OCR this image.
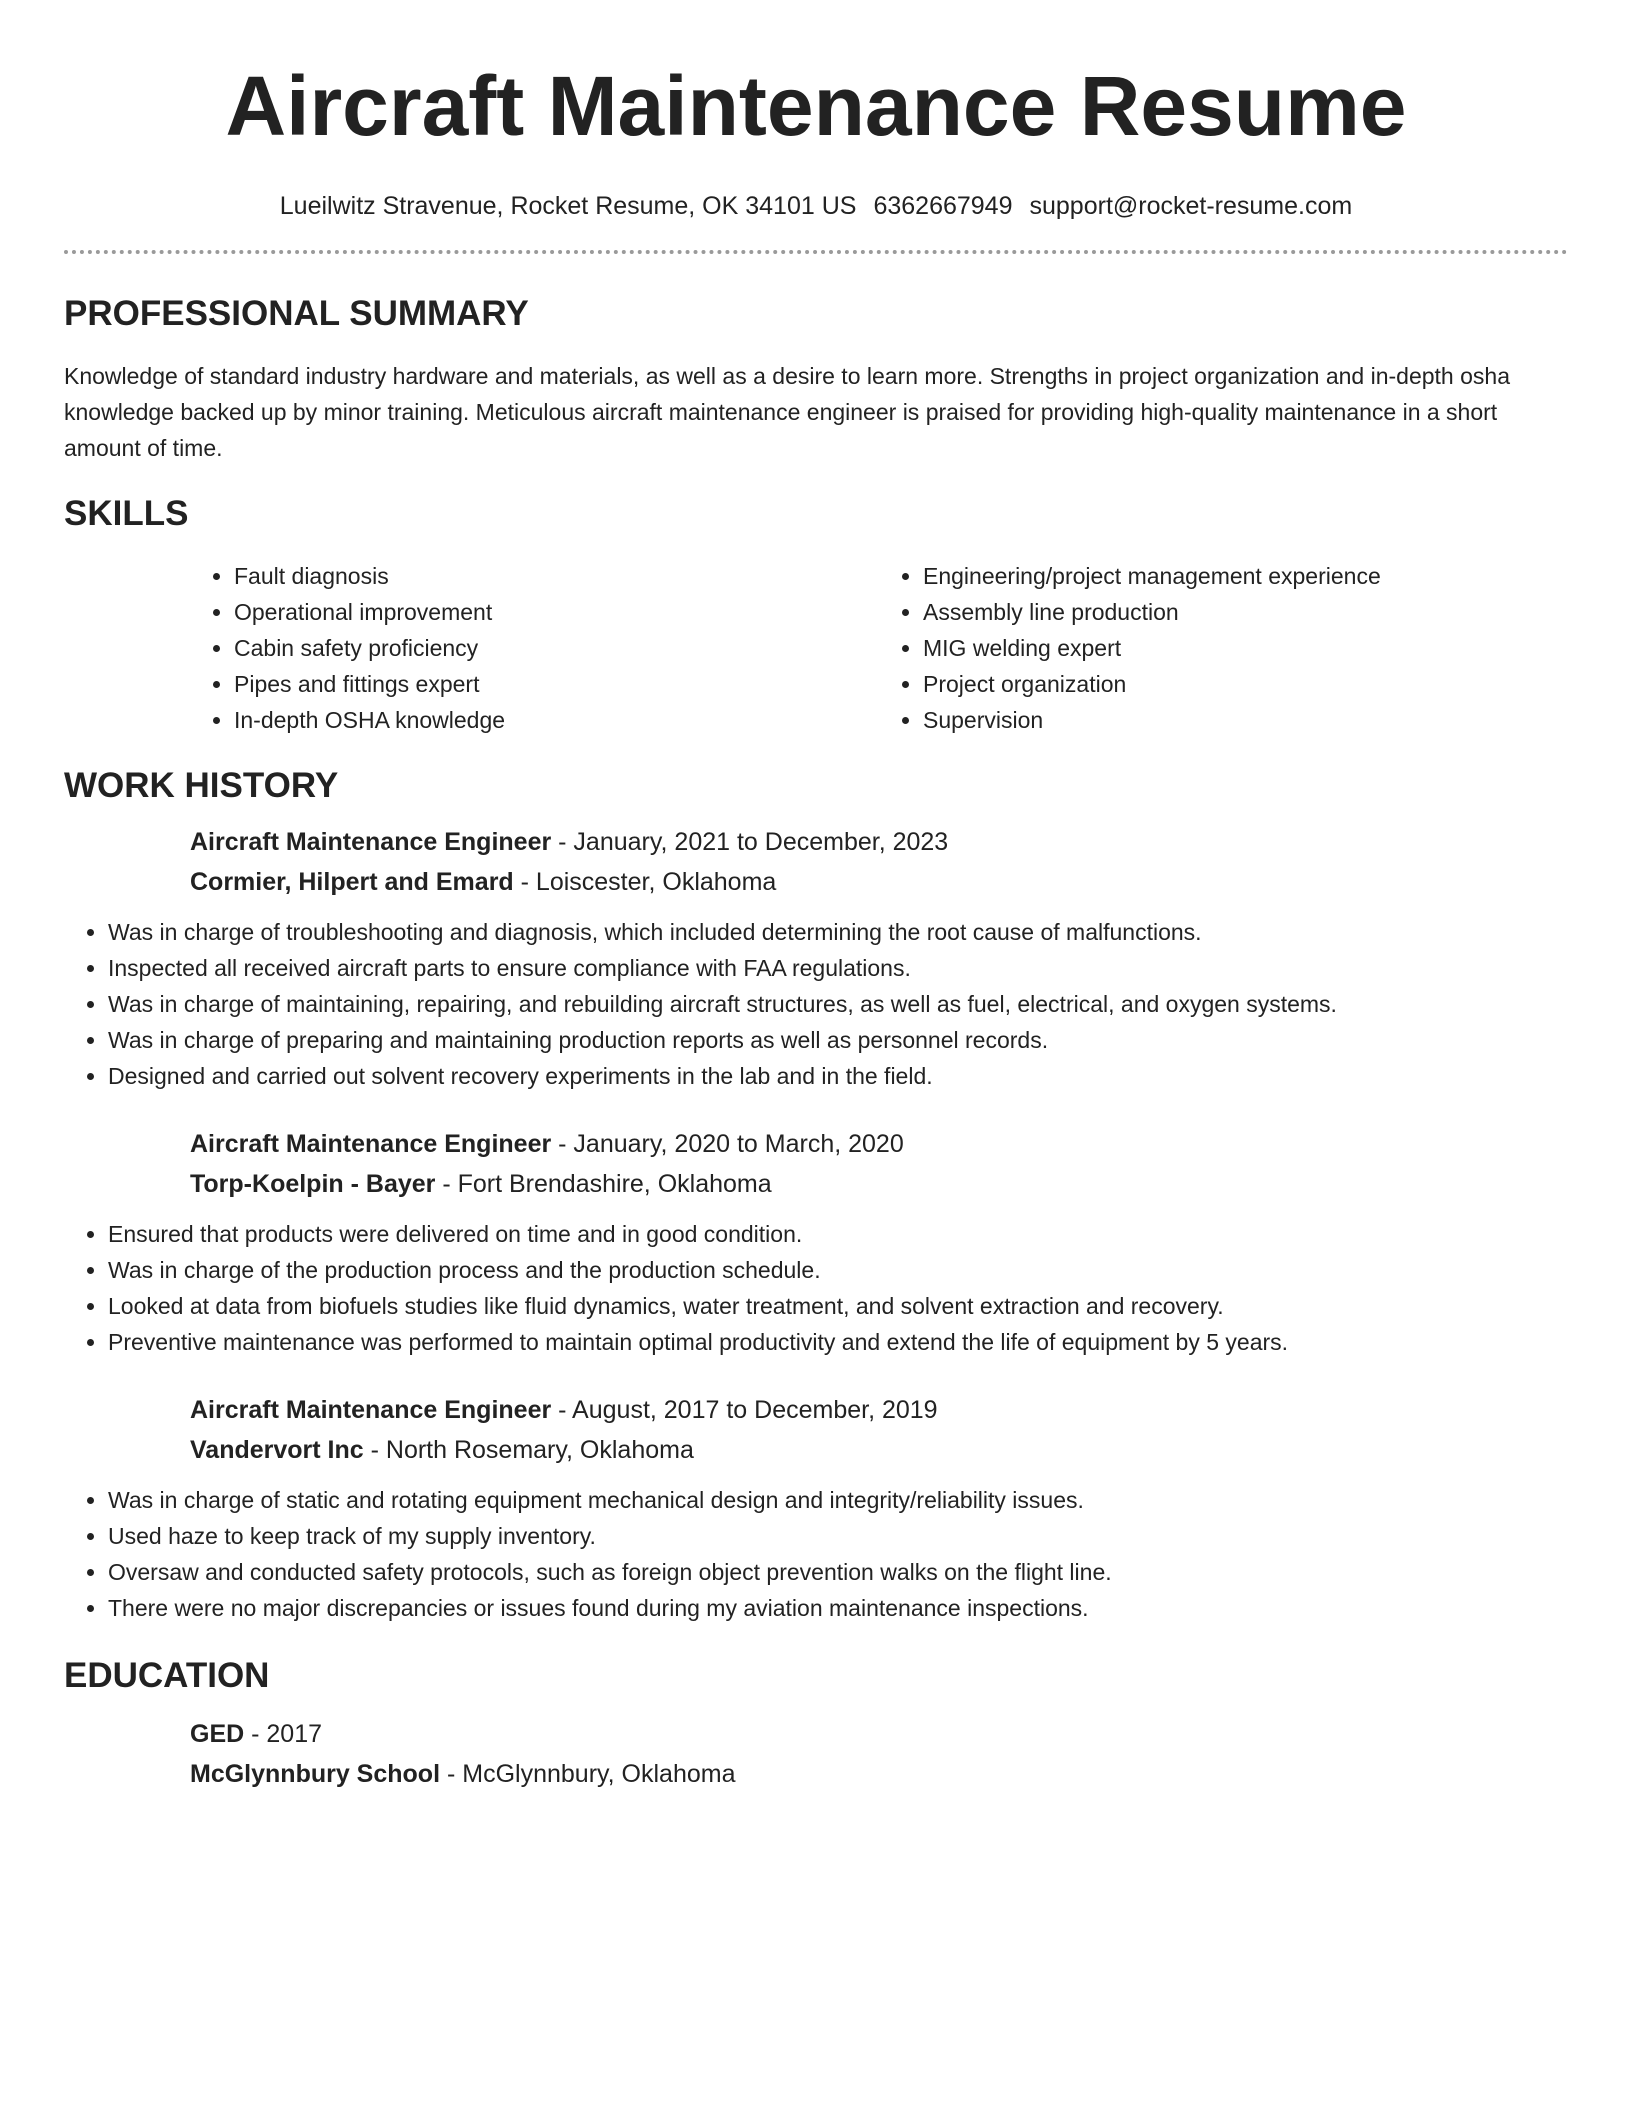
Aircraft Maintenance Resume
Lueilwitz Stravenue, Rocket Resume, OK 34101 US 6362667949 support@rocket-resume.com
PROFESSIONAL SUMMARY

Knowledge of standard industry hardware and materials, as well as a desire to learn more. Strengths in project organization and in-depth osha knowledge backed up by minor training. Meticulous aircraft maintenance engineer is praised for providing high-quality maintenance in a short amount of time.

SKILLS
• Fault diagnosis
• Operational improvement
• Cabin safety proficiency
• Pipes and fittings expert
• In-depth OSHA knowledge
• Engineering/project management experience
• Assembly line production
• MIG welding expert
• Project organization
• Supervision
WORK HISTORY
Aircraft Maintenance Engineer - January, 2021 to December, 2023
Cormier, Hilpert and Emard - Loiscester, Oklahoma
• Was in charge of troubleshooting and diagnosis, which included determining the root cause of malfunctions.
• Inspected all received aircraft parts to ensure compliance with FAA regulations.
• Was in charge of maintaining, repairing, and rebuilding aircraft structures, as well as fuel, electrical, and oxygen systems.
• Was in charge of preparing and maintaining production reports as well as personnel records.
• Designed and carried out solvent recovery experiments in the lab and in the field.
Aircraft Maintenance Engineer - January, 2020 to March, 2020
Torp-Koelpin - Bayer - Fort Brendashire, Oklahoma
• Ensured that products were delivered on time and in good condition.
• Was in charge of the production process and the production schedule.
• Looked at data from biofuels studies like fluid dynamics, water treatment, and solvent extraction and recovery.
• Preventive maintenance was performed to maintain optimal productivity and extend the life of equipment by 5 years.
Aircraft Maintenance Engineer - August, 2017 to December, 2019
Vandervort Inc - North Rosemary, Oklahoma
• Was in charge of static and rotating equipment mechanical design and integrity/reliability issues.
• Used haze to keep track of my supply inventory.
• Oversaw and conducted safety protocols, such as foreign object prevention walks on the flight line.
• There were no major discrepancies or issues found during my aviation maintenance inspections.
EDUCATION
GED - 2017
McGlynnbury School - McGlynnbury, Oklahoma
